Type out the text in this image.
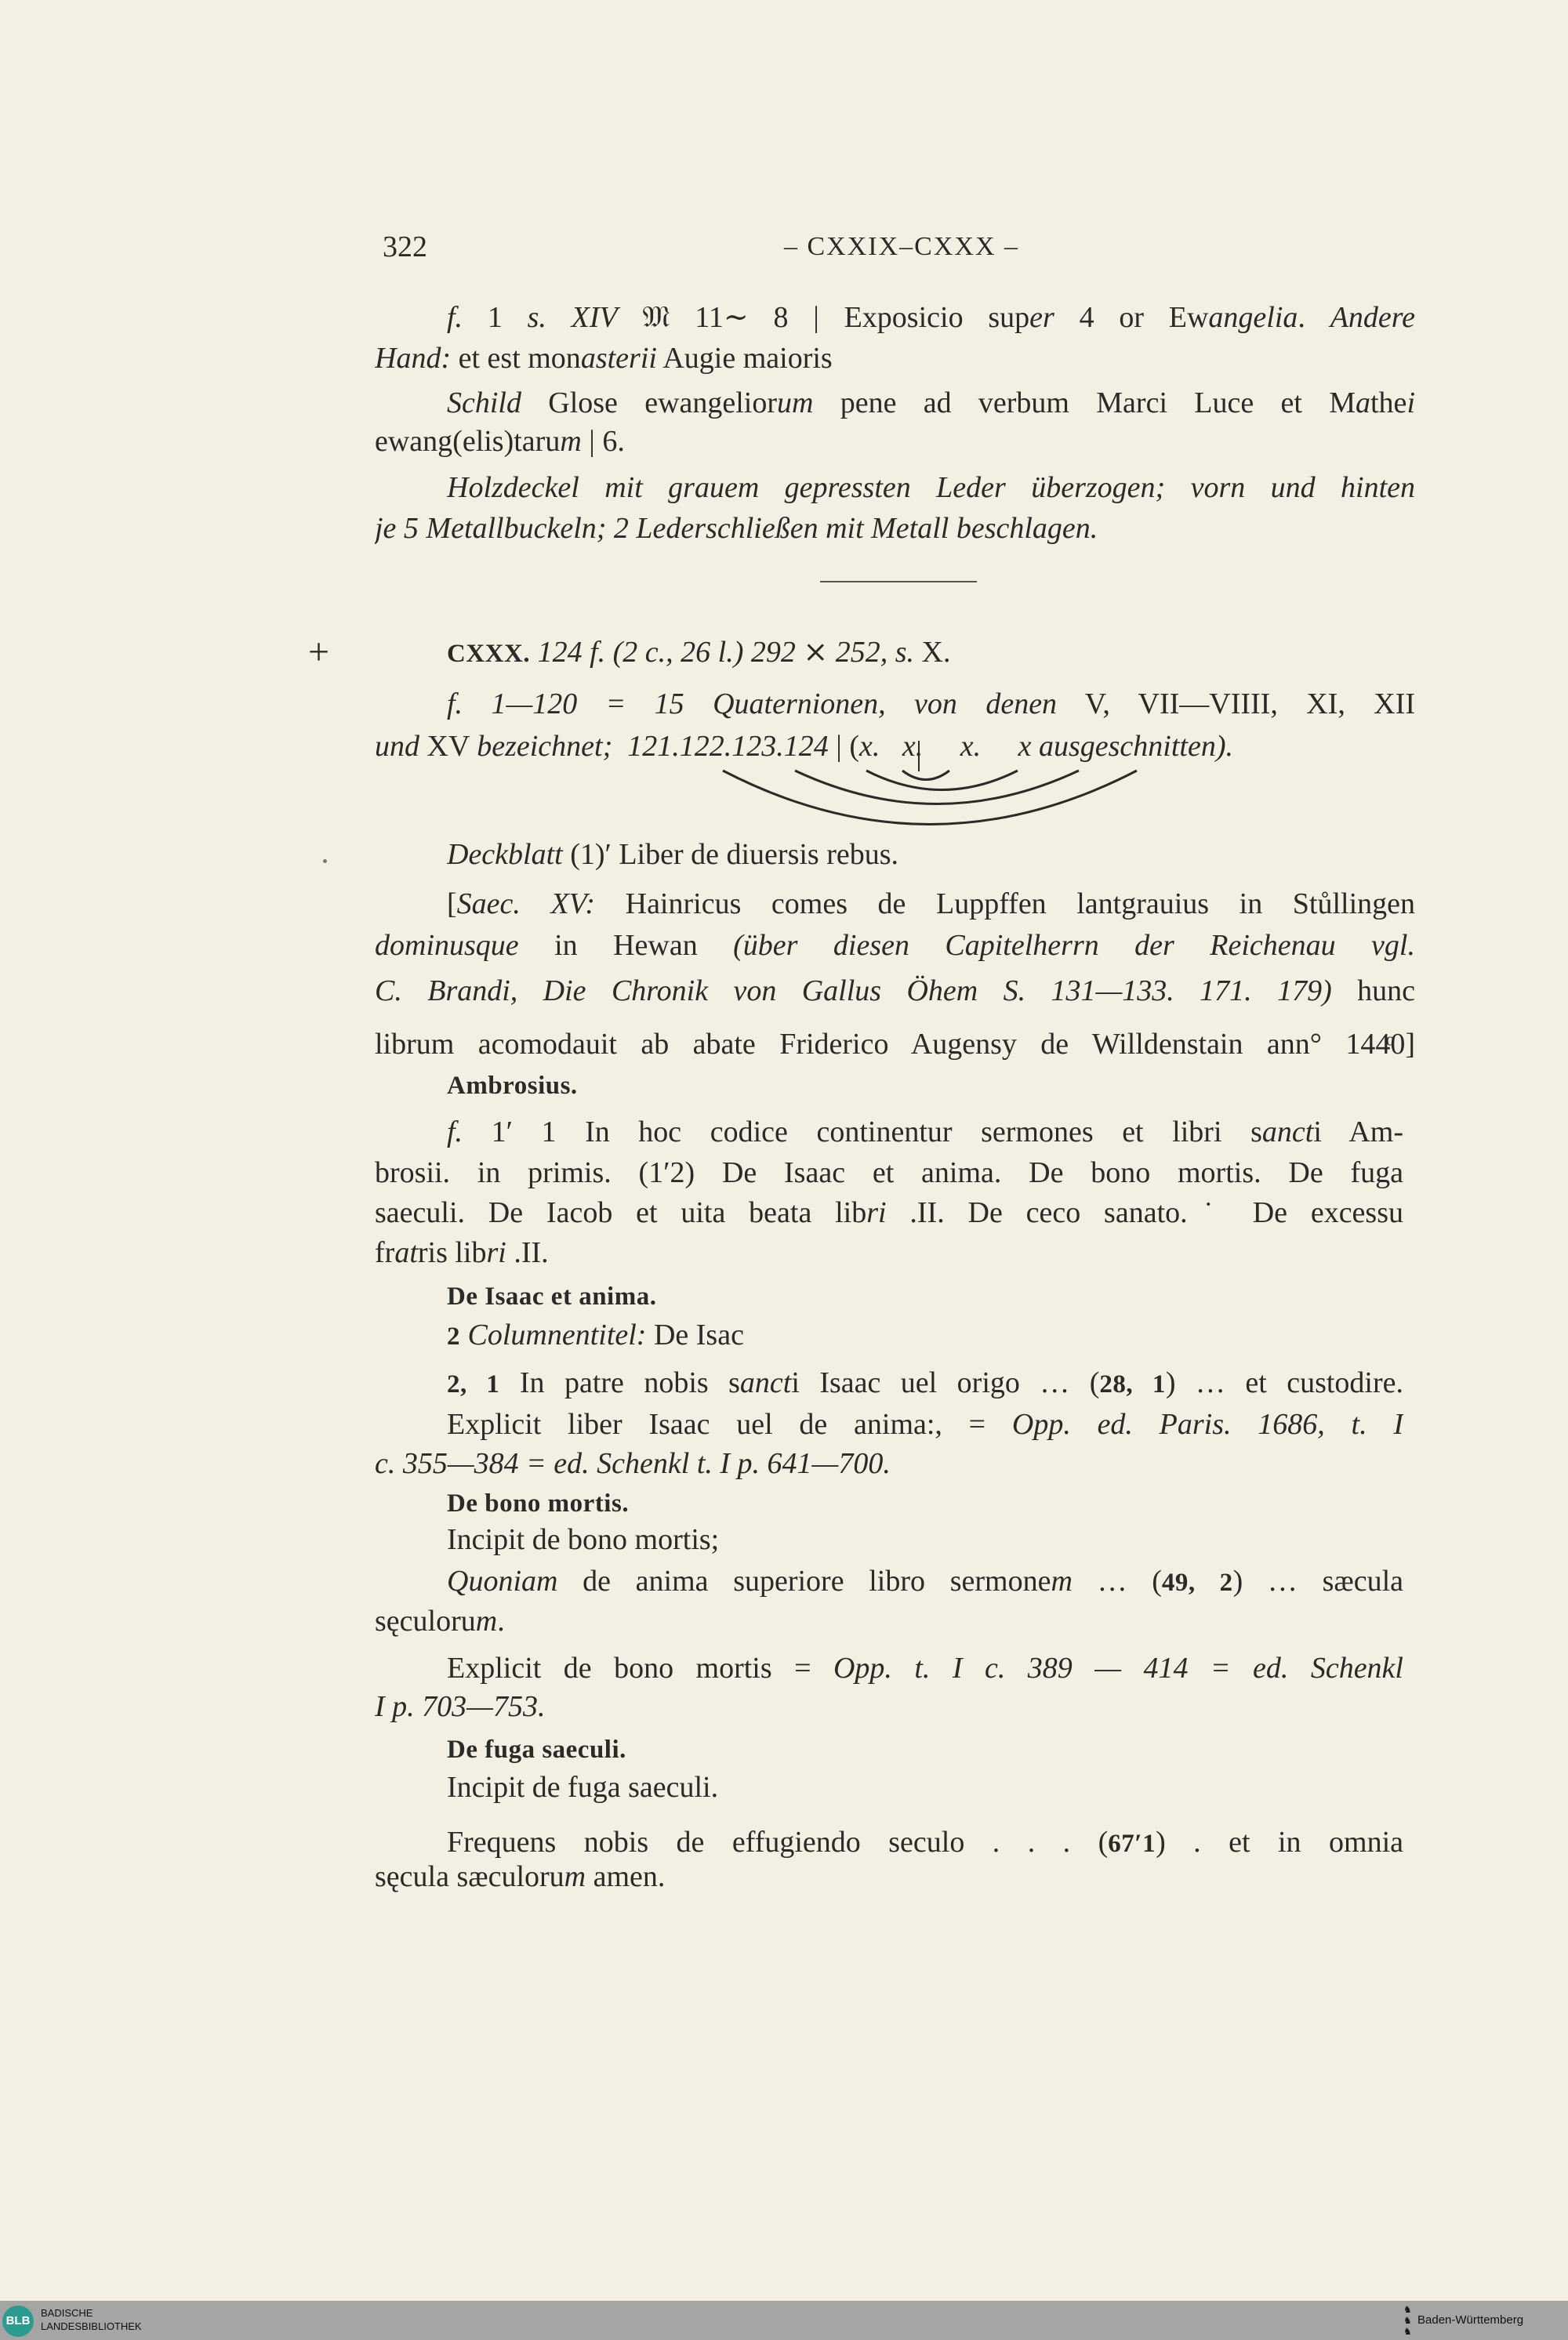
322	– CXXIX–CXXX –
+
f. 1 s. XIV 𝔐 11∼ 8 | Exposicio super 4 or Ewangelia. Andere
Hand: et est monasterii Augie maioris
Schild Glose ewangeliorum pene ad verbum Marci Luce et Mathei
ewang(elis)tarum | 6.
Holzdeckel mit grauem gepressten Leder überzogen; vorn und hinten
je 5 Metallbuckeln; 2 Lederschließen mit Metall beschlagen.
CXXX. 124 f. (2 c., 26 l.) 292 ⨯ 252, s. X.
f. 1—120 = 15 Quaternionen, von denen V, VII—VIIII, XI, XII
und XV bezeichnet;  121.122.123.124 | (x.   x.     x.     x ausgeschnitten).
Deckblatt (1)′ Liber de diuersis rebus.
[Saec. XV: Hainricus comes de Luppffen lantgrauius in Stůllingen
dominusque in Hewan (über diesen Capitelherrn der Reichenau vgl.
C. Brandi, Die Chronik von Gallus Öhem S. 131—133. 171. 179) hunc
librum acomodauit ab abate Friderico Augensy de Willdenstain ann° 144ͦ0]
Ambrosius.
f. 1′ 1 In hoc codice continentur sermones et libri sancti Am-
brosii. in primis. (1′2) De Isaac et anima. De bono mortis. De fuga
saeculi. De Iacob et uita beata libri .II. De ceco sanato.˙ De excessu
fratris libri .II.
De Isaac et anima.
2 Columnentitel: De Isac
2, 1 In patre nobis sancti Isaac uel origo … (28, 1) … et custodire.
Explicit liber Isaac uel de anima:, = Opp. ed. Paris. 1686, t. I
c. 355—384 = ed. Schenkl t. I p. 641—700.
De bono mortis.
Incipit de bono mortis;
Quoniam de anima superiore libro sermonem … (49, 2) … sæcula
sęculorum.
Explicit de bono mortis = Opp. t. I c. 389 — 414 = ed. Schenkl
I p. 703—753.
De fuga saeculi.
Incipit de fuga saeculi.
Frequens nobis de effugiendo seculo . . . (67′1) . et in omnia
sęcula sæculorum amen.
BLB
BADISCHE
LANDESBIBLIOTHEK
♞
♞
♞
Baden-Württemberg
